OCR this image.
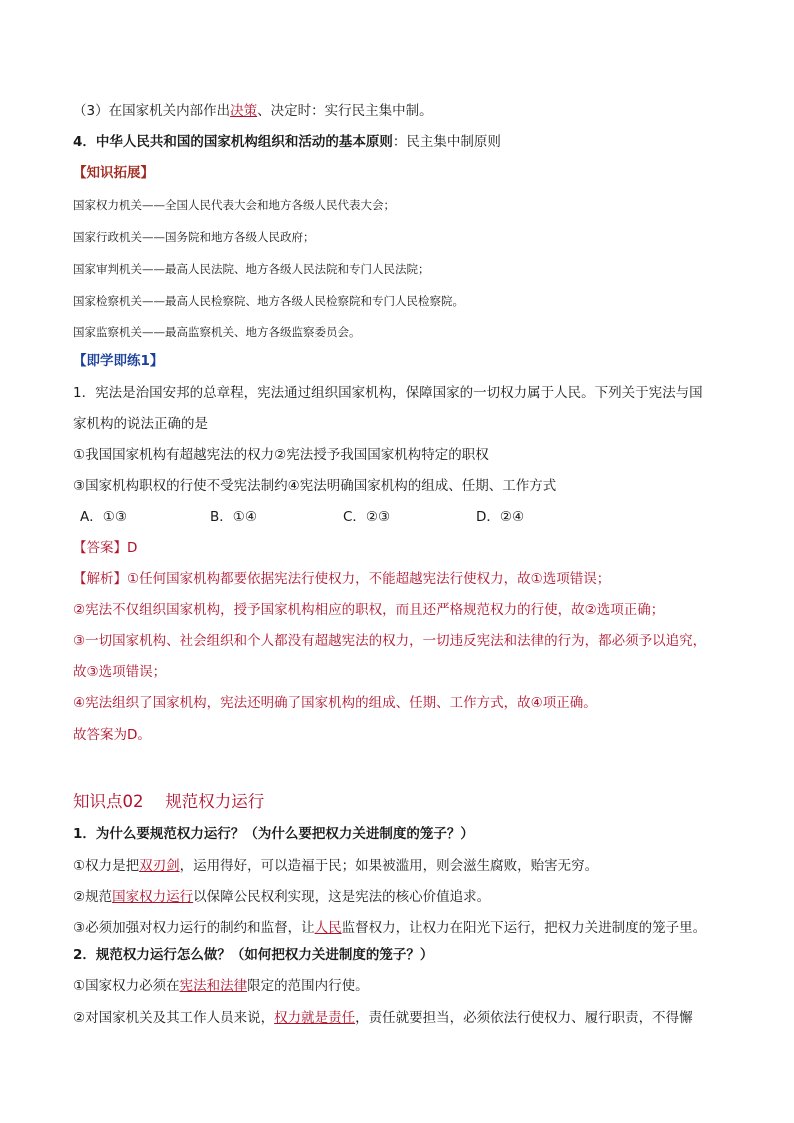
（3）在国家机关内部作出决策、决定时：实行民主集中制。
4．中华人民共和国的国家机构组织和活动的基本原则：民主集中制原则
【知识拓展】
国家权力机关——全国人民代表大会和地方各级人民代表大会；
国家行政机关——国务院和地方各级人民政府；
国家审判机关——最高人民法院、地方各级人民法院和专门人民法院；
国家检察机关——最高人民检察院、地方各级人民检察院和专门人民检察院。
国家监察机关——最高监察机关、地方各级监察委员会。
【即学即练1】
1．宪法是治国安邦的总章程，宪法通过组织国家机构，保障国家的一切权力属于人民。下列关于宪法与国
家机构的说法正确的是
①我国国家机构有超越宪法的权力②宪法授予我国国家机构特定的职权
③国家机构职权的行使不受宪法制约④宪法明确国家机构的组成、任期、工作方式
A．①③	B．①④	C．②③	D．②④
【答案】D
【解析】①任何国家机构都要依据宪法行使权力，不能超越宪法行使权力，故①选项错误；
②宪法不仅组织国家机构，授予国家机构相应的职权，而且还严格规范权力的行使，故②选项正确；
③一切国家机构、社会组织和个人都没有超越宪法的权力，一切违反宪法和法律的行为，都必须予以追究，
故③选项错误；
④宪法组织了国家机构，宪法还明确了国家机构的组成、任期、工作方式，故④项正确。
故答案为D。
知识点02　 规范权力运行
1．为什么要规范权力运行？（为什么要把权力关进制度的笼子？）
①权力是把双刃剑，运用得好，可以造福于民；如果被滥用，则会滋生腐败，贻害无穷。
②规范国家权力运行以保障公民权利实现，这是宪法的核心价值追求。
③必须加强对权力运行的制约和监督，让人民监督权力，让权力在阳光下运行，把权力关进制度的笼子里。
2．规范权力运行怎么做？（如何把权力关进制度的笼子？）
①国家权力必须在宪法和法律限定的范围内行使。
②对国家机关及其工作人员来说，权力就是责任，责任就要担当，必须依法行使权力、履行职责，不得懈
